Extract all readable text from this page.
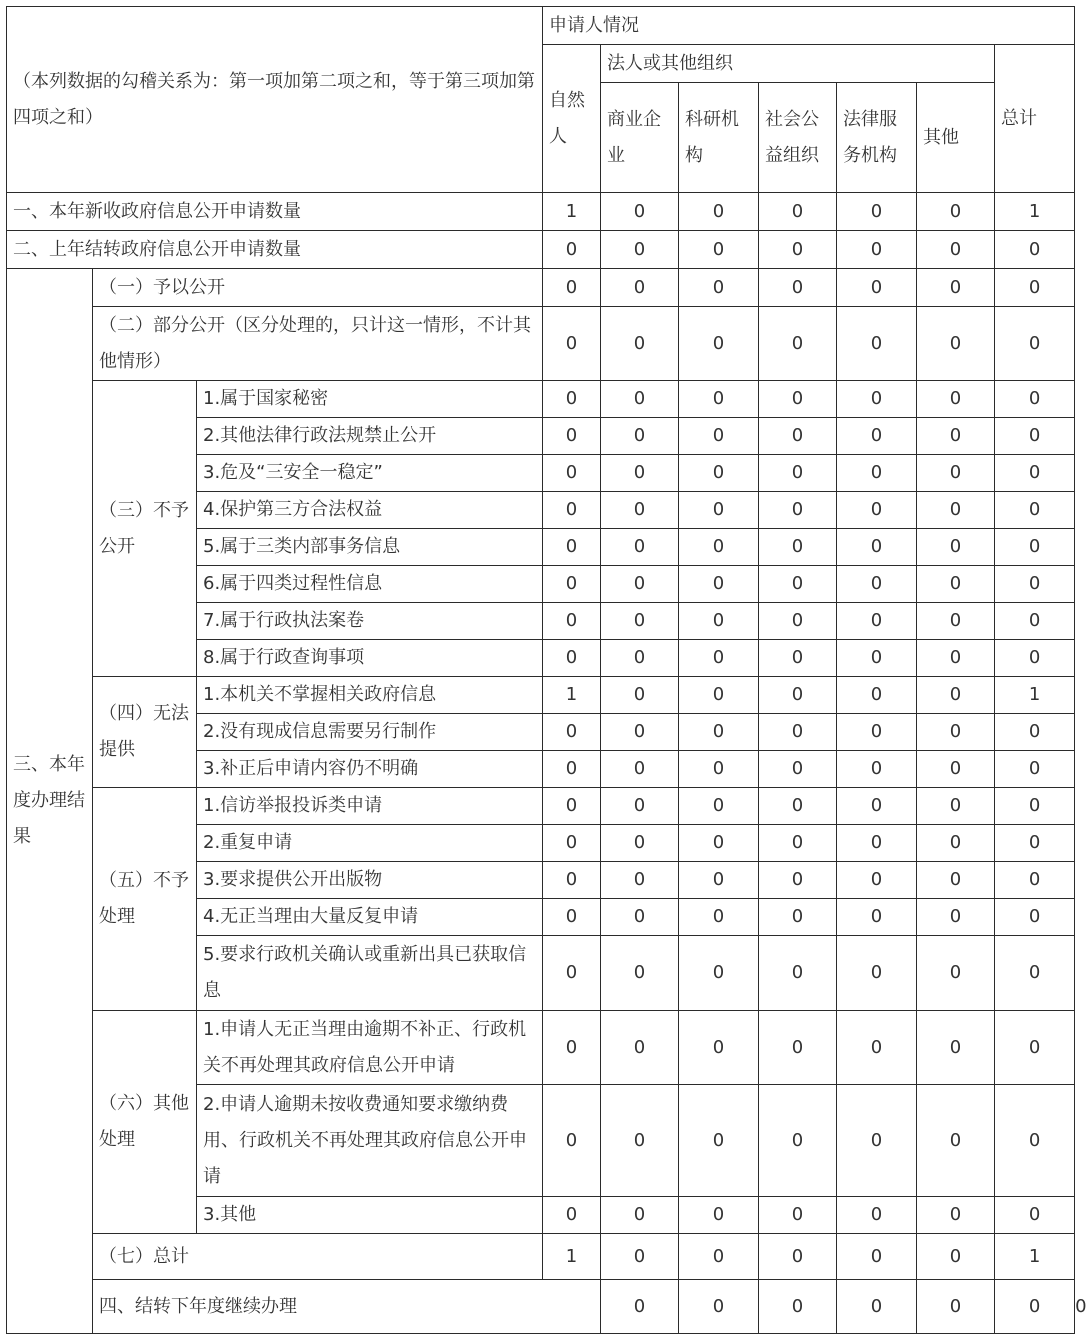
（本列数据的勾稽关系为：第一项加第二项之和，等于第三项加第四项之和）			申请人情况							
			自然人	法人或其他组织					总计	
				商业企业	科研机构	社会公益组织	法律服务机构	其他		
一、本年新收政府信息公开申请数量			1	0	0	0	0	0	1	
二、上年结转政府信息公开申请数量			0	0	0	0	0	0	0	
三、本年度办理结果	（一）予以公开		0	0	0	0	0	0	0	
	（二）部分公开（区分处理的，只计这一情形，不计其他情形）		0	0	0	0	0	0	0	
	（三）不予公开	1.属于国家秘密	0	0	0	0	0	0	0	
		2.其他法律行政法规禁止公开	0	0	0	0	0	0	0	
		3.危及“三安全一稳定”	0	0	0	0	0	0	0	
		4.保护第三方合法权益	0	0	0	0	0	0	0	
		5.属于三类内部事务信息	0	0	0	0	0	0	0	
		6.属于四类过程性信息	0	0	0	0	0	0	0	
		7.属于行政执法案卷	0	0	0	0	0	0	0	
		8.属于行政查询事项	0	0	0	0	0	0	0	
	（四）无法提供	1.本机关不掌握相关政府信息	1	0	0	0	0	0	1	
		2.没有现成信息需要另行制作	0	0	0	0	0	0	0	
		3.补正后申请内容仍不明确	0	0	0	0	0	0	0	
	（五）不予处理	1.信访举报投诉类申请	0	0	0	0	0	0	0	
		2.重复申请	0	0	0	0	0	0	0	
		3.要求提供公开出版物	0	0	0	0	0	0	0	
		4.无正当理由大量反复申请	0	0	0	0	0	0	0	
		5.要求行政机关确认或重新出具已获取信息	0	0	0	0	0	0	0	
	（六）其他处理	1.申请人无正当理由逾期不补正、行政机关不再处理其政府信息公开申请	0	0	0	0	0	0	0	
		2.申请人逾期未按收费通知要求缴纳费用、行政机关不再处理其政府信息公开申请	0	0	0	0	0	0	0	
		3.其他	0	0	0	0	0	0	0	
	（七）总计		1	0	0	0	0	0	1	
	四、结转下年度继续办理			0	0	0	0	0	0	0
